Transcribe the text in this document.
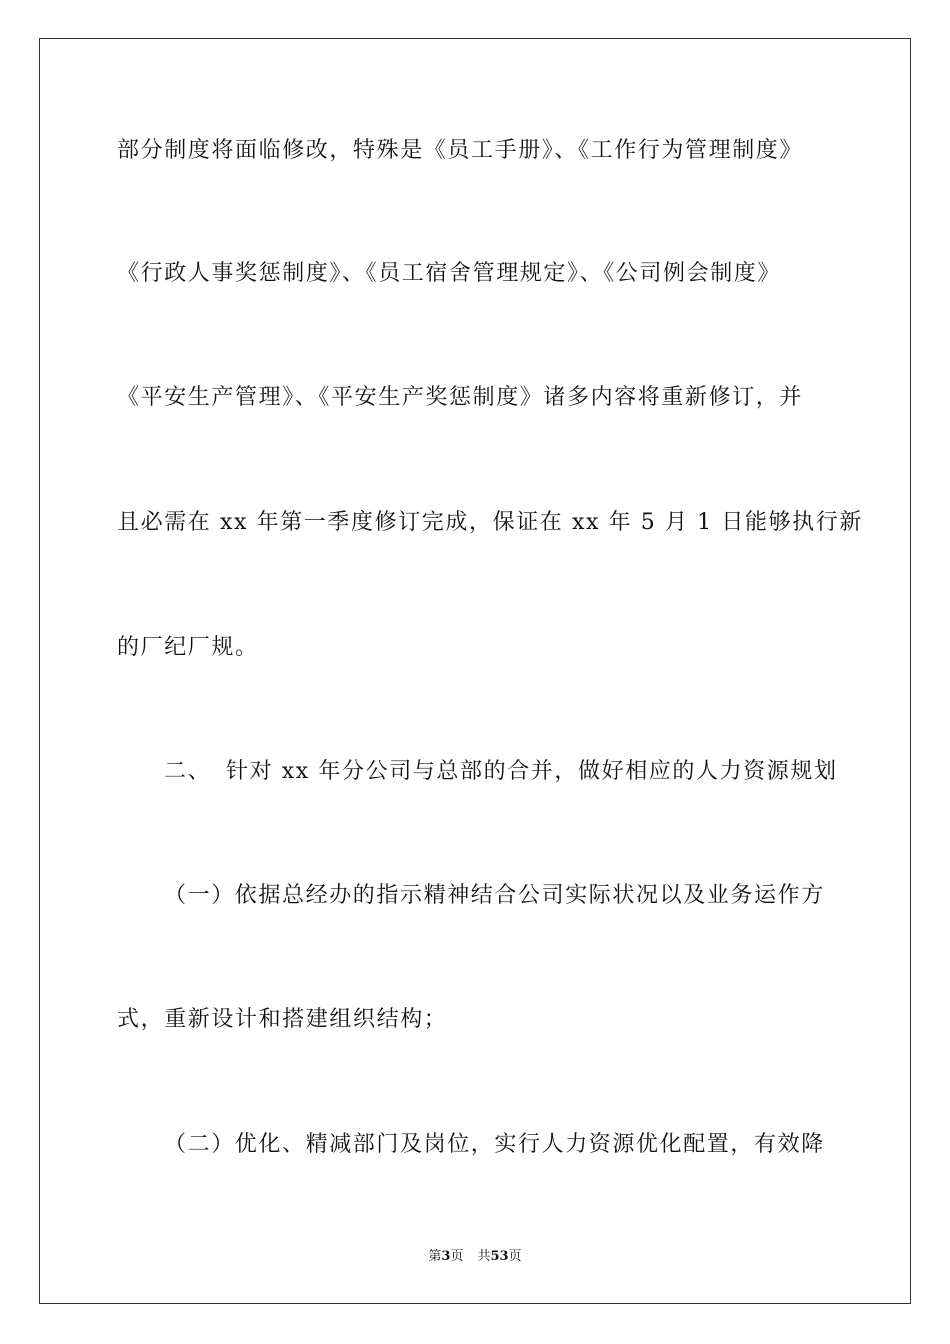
部分制度将面临修改，特殊是《员工手册》、《工作行为管理制度》
《行政人事奖惩制度》、《员工宿舍管理规定》、《公司例会制度》
《平安生产管理》、《平安生产奖惩制度》诸多内容将重新修订，并
且必需在 xx 年第一季度修订完成，保证在 xx 年 5 月 1 日能够执行新
的厂纪厂规。
二、 针对 xx 年分公司与总部的合并，做好相应的人力资源规划
（一）依据总经办的指示精神结合公司实际状况以及业务运作方
式，重新设计和搭建组织结构；
（二）优化、精减部门及岗位，实行人力资源优化配置，有效降
第3页 共53页
